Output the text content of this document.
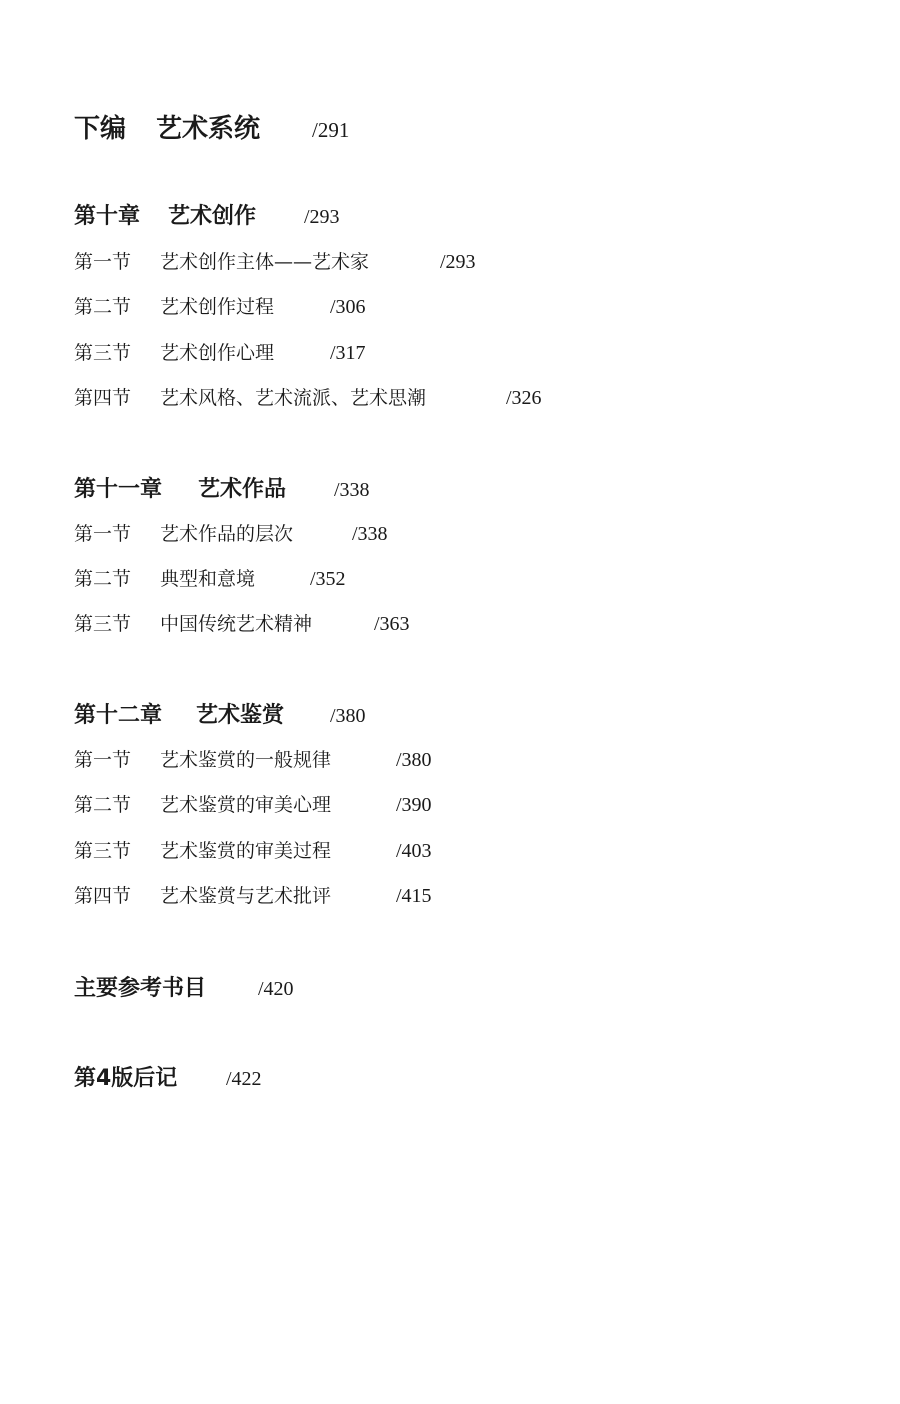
下编 艺术系统 /291
第十章 艺术创作 /293
第一节 艺术创作主体——艺术家	/293
第二节 艺术创作过程	/306
第三节 艺术创作心理	/317
第四节 艺术风格、艺术流派、艺术思潮	/326
第十一章 艺术作品 /338
第一节 艺术作品的层次	/338
第二节 典型和意境	/352
第三节 中国传统艺术精神	/363
第十二章 艺术鉴赏 /380
第一节 艺术鉴赏的一般规律	/380
第二节 艺术鉴赏的审美心理	/390
第三节 艺术鉴赏的审美过程	/403
第四节 艺术鉴赏与艺术批评	/415
主要参考书目	/420
第4版后记 /422
